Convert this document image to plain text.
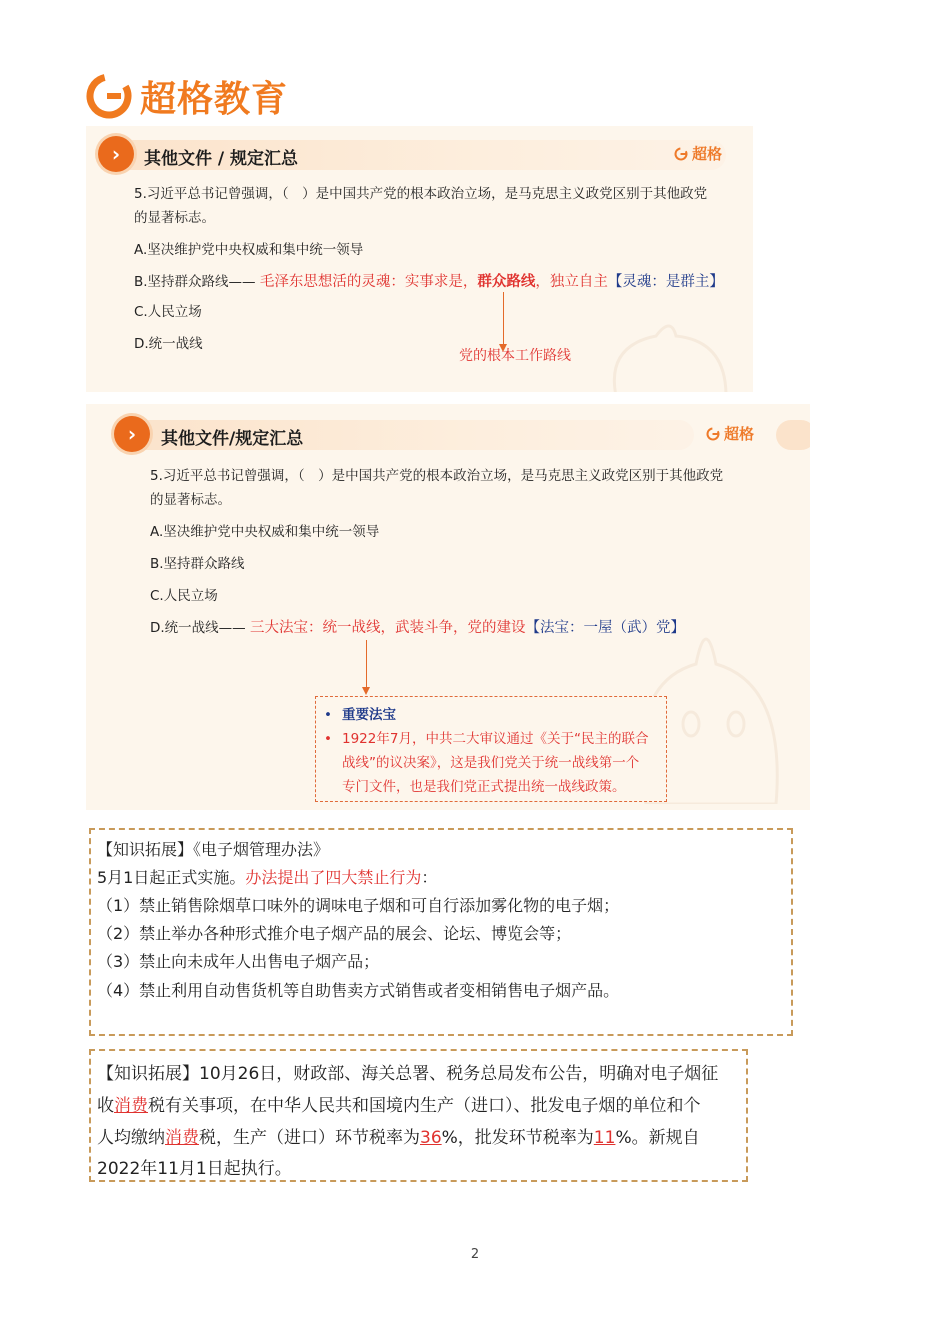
超格教育
›	其他文件 / 规定汇总	超格
5.习近平总书记曾强调，（　）是中国共产党的根本政治立场，是马克思主义政党区别于其他政党
的显著标志。
A.坚决维护党中央权威和集中统一领导
B.坚持群众路线—— 毛泽东思想活的灵魂：实事求是，群众路线，独立自主【灵魂：是群主】
C.人民立场
D.统一战线
党的根本工作路线
›	其他文件/规定汇总	超格
5.习近平总书记曾强调，（　）是中国共产党的根本政治立场，是马克思主义政党区别于其他政党
的显著标志。
A.坚决维护党中央权威和集中统一领导
B.坚持群众路线
C.人民立场
D.统一战线—— 三大法宝：统一战线，武装斗争，党的建设【法宝：一屋（武）党】
• 重要法宝
• 1922年7月，中共二大审议通过《关于“民主的联合
战线”的议决案》，这是我们党关于统一战线第一个
专门文件，也是我们党正式提出统一战线政策。
【知识拓展】《电子烟管理办法》
5月1日起正式实施。办法提出了四大禁止行为：
（1）禁止销售除烟草口味外的调味电子烟和可自行添加雾化物的电子烟；
（2）禁止举办各种形式推介电子烟产品的展会、论坛、博览会等；
（3）禁止向未成年人出售电子烟产品；
（4）禁止利用自动售货机等自助售卖方式销售或者变相销售电子烟产品。
【知识拓展】10月26日，财政部、海关总署、税务总局发布公告，明确对电子烟征
收消费税有关事项，在中华人民共和国境内生产（进口）、批发电子烟的单位和个
人均缴纳消费税，生产（进口）环节税率为36%，批发环节税率为11%。新规自
2022年11月1日起执行。
2
